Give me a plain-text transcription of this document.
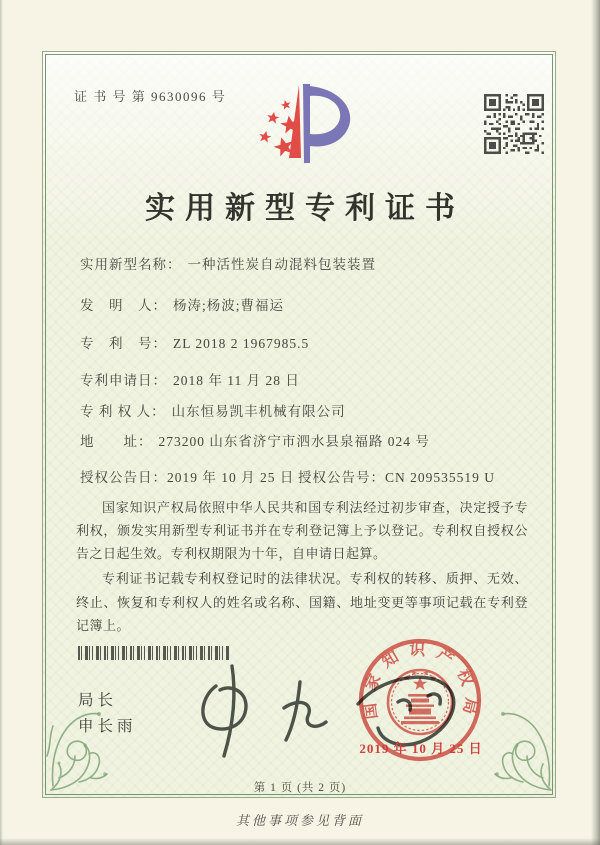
证 书 号 第 9630096 号
实用新型专利证书
实用新型名称： 一种活性炭自动混料包装装置
发　明　人： 杨涛;杨波;曹福运
专　利　号： ZL 2018 2 1967985.5
专利申请日： 2018 年 11 月 28 日
专 利 权 人： 山东恒易凯丰机械有限公司
地　　址： 273200 山东省济宁市泗水县泉福路 024 号
授权公告日：2019 年 10 月 25 日 授权公告号：CN 209535519 U

国家知识产权局依照中华人民共和国专利法经过初步审查，决定授予专利权，颁发实用新型专利证书并在专利登记簿上予以登记。专利权自授权公告之日起生效。专利权期限为十年，自申请日起算。

专利证书记载专利权登记时的法律状况。专利权的转移、质押、无效、终止、恢复和专利权人的姓名或名称、国籍、地址变更等事项记载在专利登记簿上。

局长
申长雨
国家知识产权局
2019 年 10 月 25 日
第 1 页 (共 2 页)
其他事项参见背面
